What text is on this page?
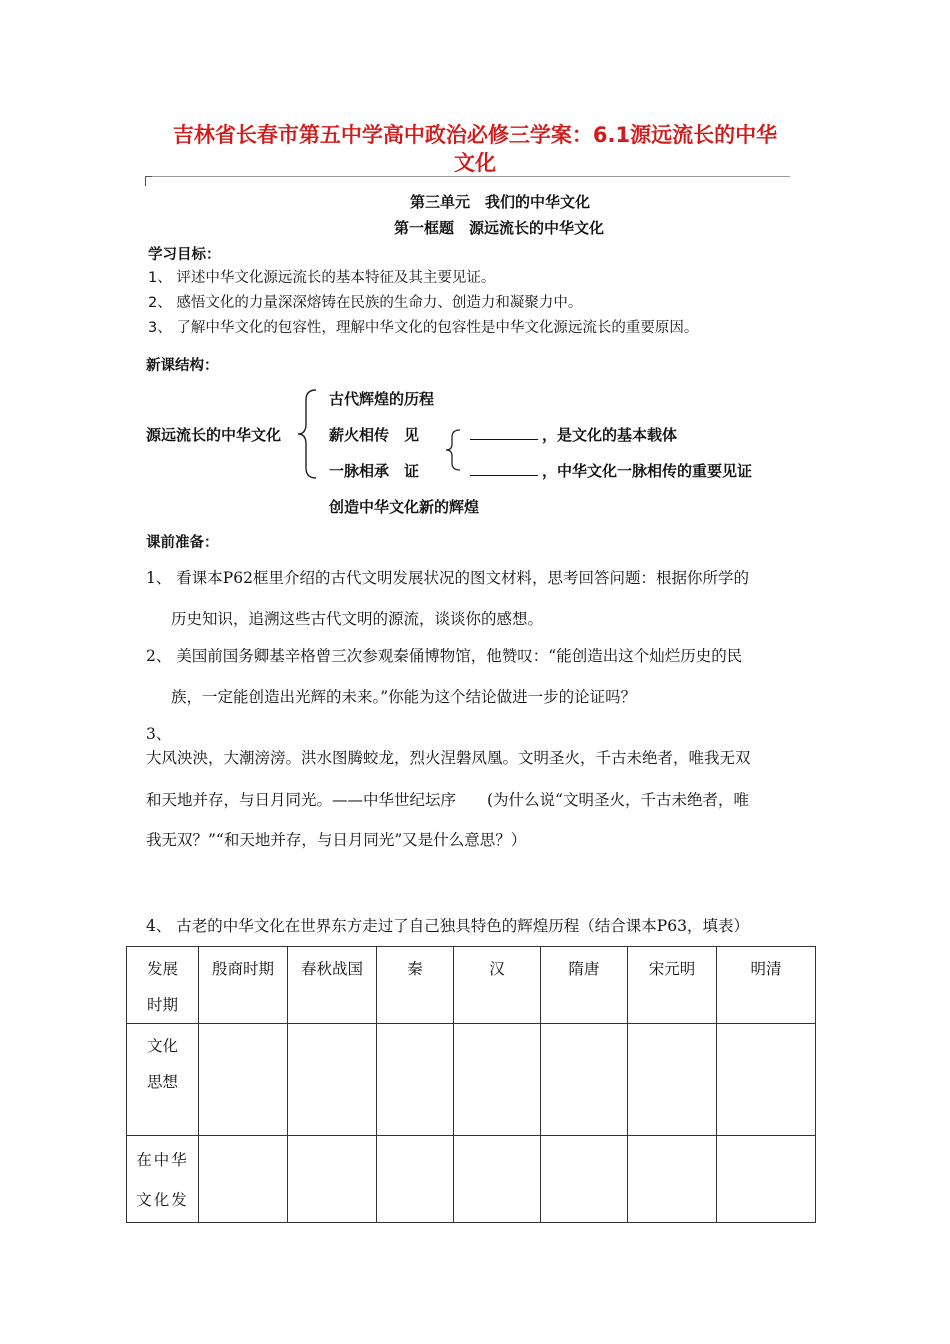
吉林省长春市第五中学高中政治必修三学案：6.1源远流长的中华
文化
第三单元　我们的中华文化
第一框题　源远流长的中华文化
学习目标：
1、 评述中华文化源远流长的基本特征及其主要见证。
2、 感悟文化的力量深深熔铸在民族的生命力、创造力和凝聚力中。
3、 了解中华文化的包容性，理解中华文化的包容性是中华文化源远流长的重要原因。
新课结构：
源远流长的中华文化
古代辉煌的历程
薪火相传　见
一脉相承　证
创造中华文化新的辉煌
，是文化的基本载体
，中华文化一脉相传的重要见证
课前准备：
1、 看课本P62框里介绍的古代文明发展状况的图文材料，思考回答问题：根据你所学的
历史知识，追溯这些古代文明的源流，谈谈你的感想。
2、 美国前国务卿基辛格曾三次参观秦俑博物馆，他赞叹：“能创造出这个灿烂历史的民
族，一定能创造出光辉的未来。”你能为这个结论做进一步的论证吗？
3、
大风泱泱，大潮滂滂。洪水图腾蛟龙，烈火涅磐凤凰。文明圣火，千古未绝者，唯我无双
和天地并存，与日月同光。——中华世纪坛序　　(为什么说“文明圣火，千古未绝者，唯
我无双？”“和天地并存，与日月同光”又是什么意思？）
4、 古老的中华文化在世界东方走过了自己独具特色的辉煌历程（结合课本P63，填表）
发展时期	殷商时期	春秋战国	秦	汉	隋唐	宋元明	明清
文化思想							
在中华文化发							
